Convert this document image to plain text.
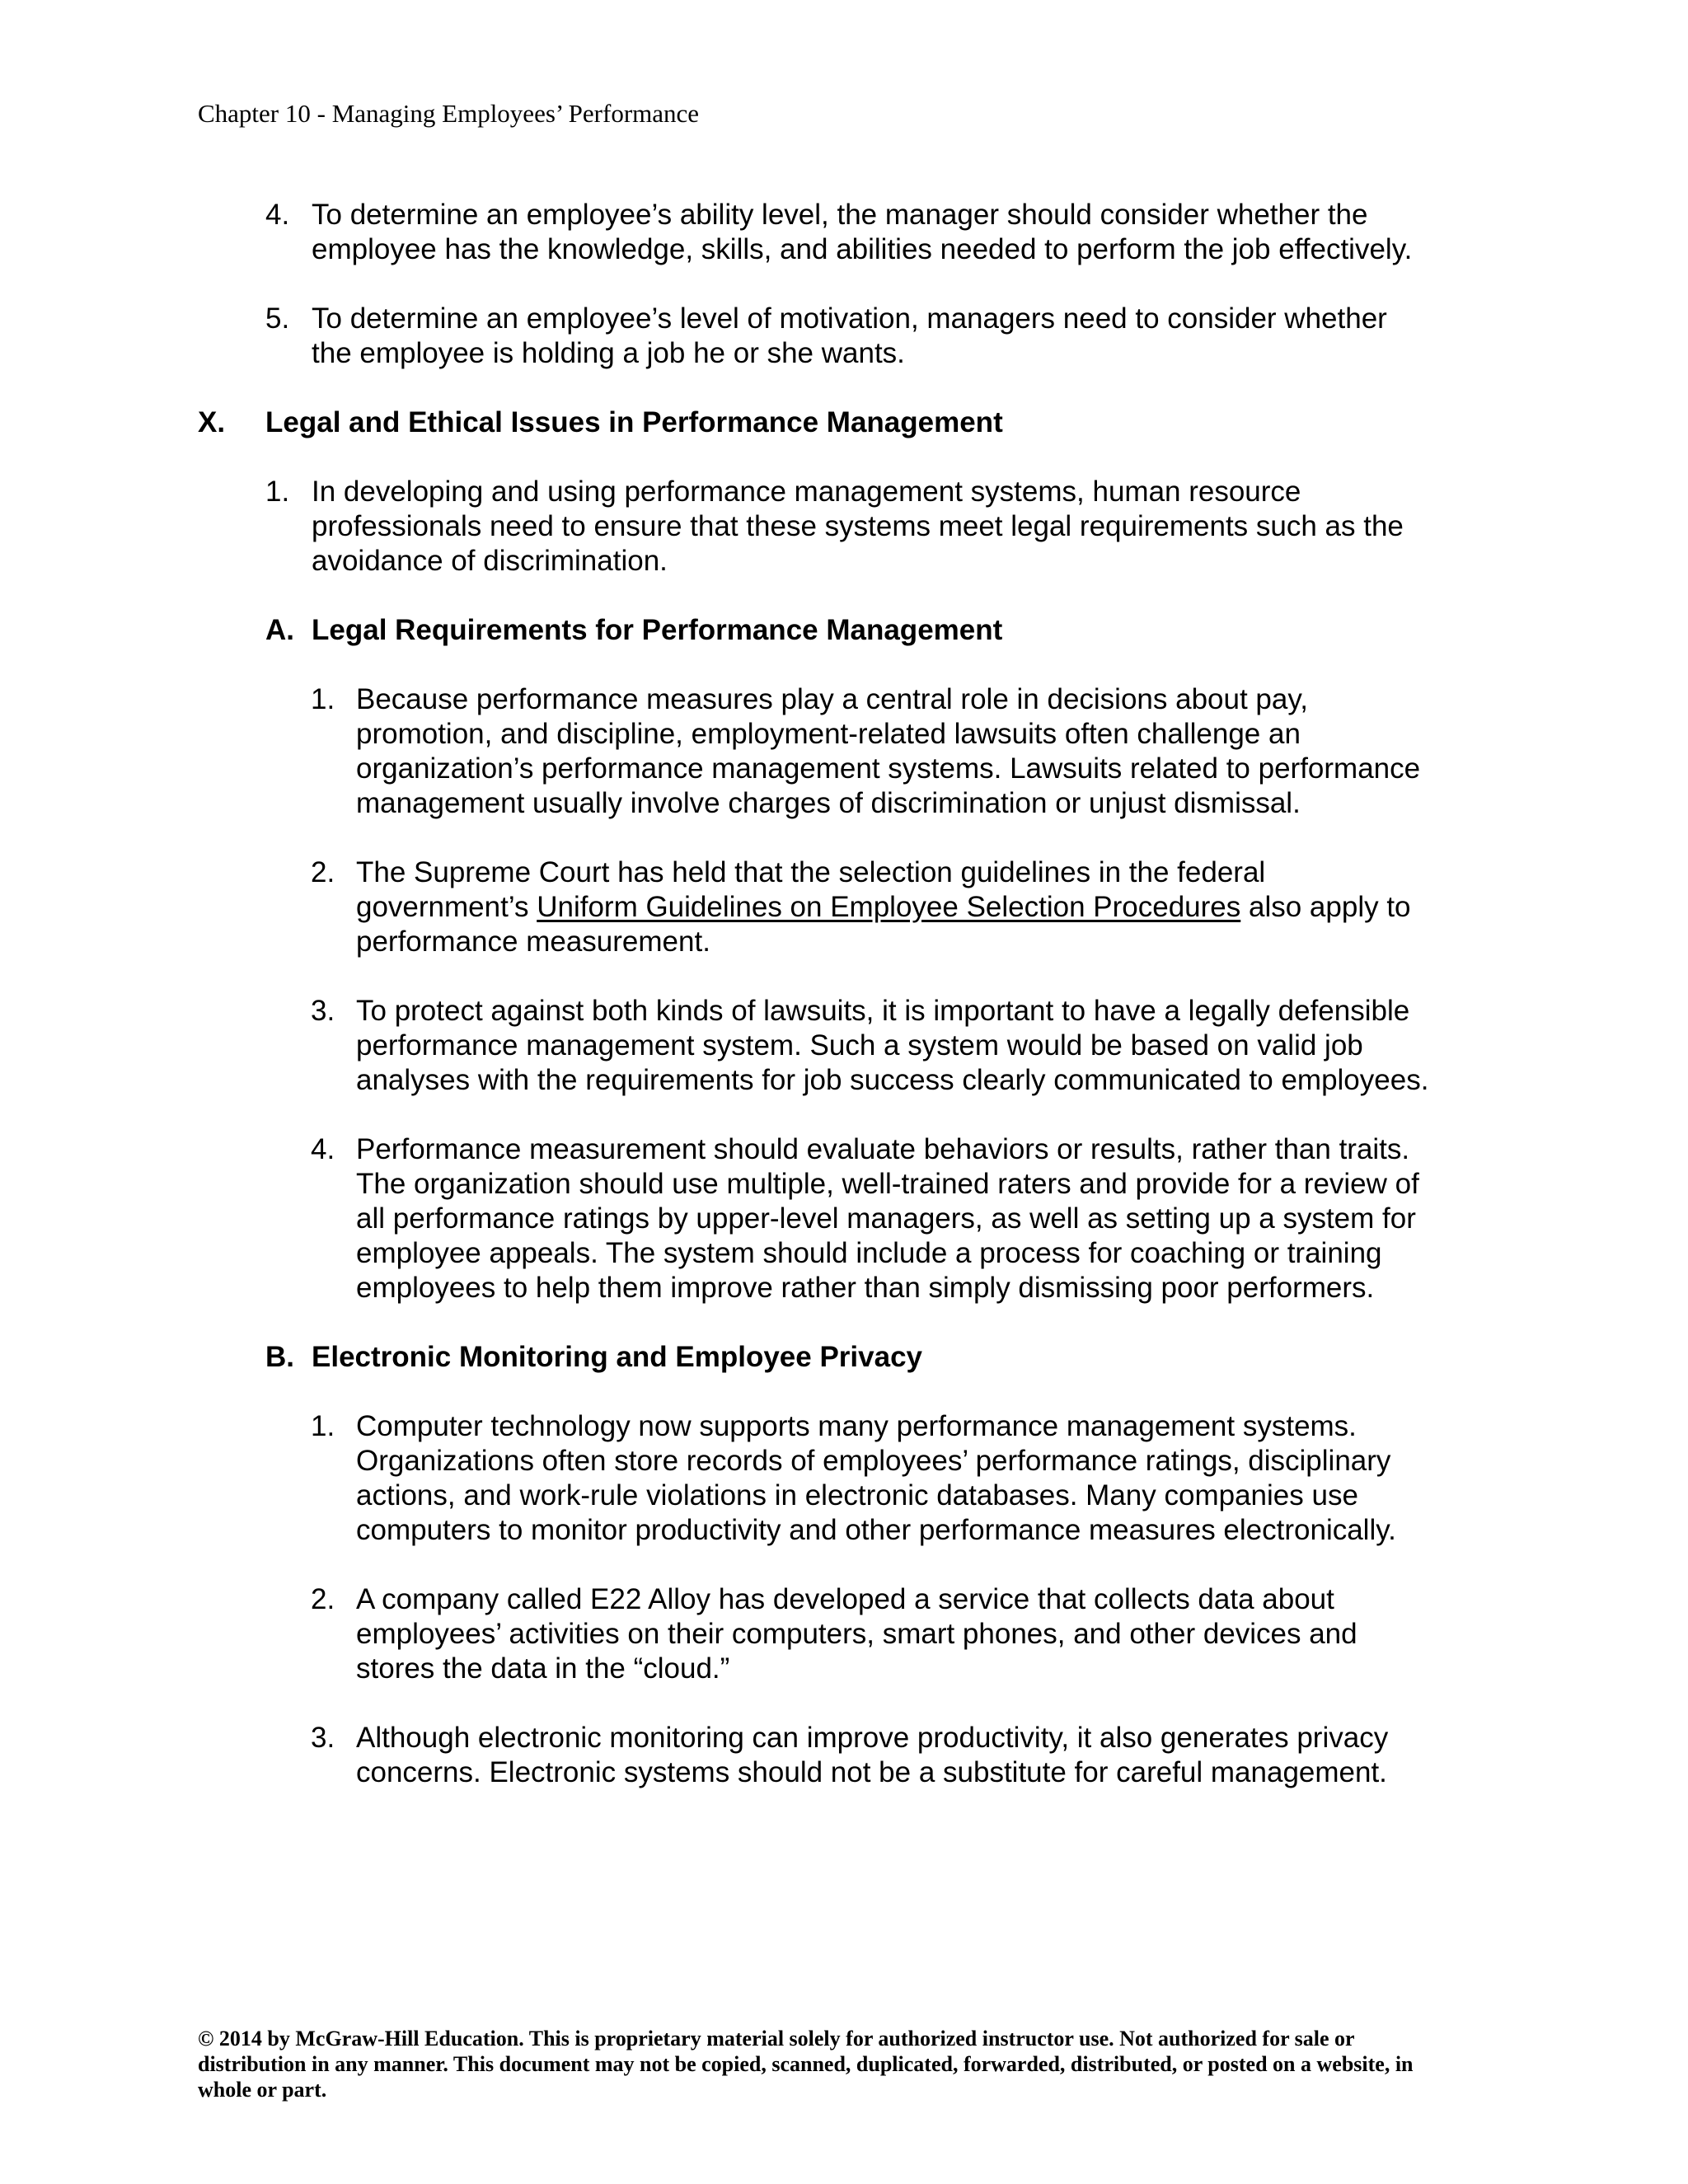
Chapter 10 - Managing Employees’ Performance
4. To determine an employee’s ability level, the manager should consider whether the
employee has the knowledge, skills, and abilities needed to perform the job effectively.
5. To determine an employee’s level of motivation, managers need to consider whether
the employee is holding a job he or she wants.
X. Legal and Ethical Issues in Performance Management
1. In developing and using performance management systems, human resource
professionals need to ensure that these systems meet legal requirements such as the
avoidance of discrimination.
A. Legal Requirements for Performance Management
1. Because performance measures play a central role in decisions about pay,
promotion, and discipline, employment-related lawsuits often challenge an
organization’s performance management systems. Lawsuits related to performance
management usually involve charges of discrimination or unjust dismissal.
2. The Supreme Court has held that the selection guidelines in the federal
government’s Uniform Guidelines on Employee Selection Procedures also apply to
performance measurement.
3. To protect against both kinds of lawsuits, it is important to have a legally defensible
performance management system. Such a system would be based on valid job
analyses with the requirements for job success clearly communicated to employees.
4. Performance measurement should evaluate behaviors or results, rather than traits.
The organization should use multiple, well-trained raters and provide for a review of
all performance ratings by upper-level managers, as well as setting up a system for
employee appeals. The system should include a process for coaching or training
employees to help them improve rather than simply dismissing poor performers.
B. Electronic Monitoring and Employee Privacy
1. Computer technology now supports many performance management systems.
Organizations often store records of employees’ performance ratings, disciplinary
actions, and work-rule violations in electronic databases. Many companies use
computers to monitor productivity and other performance measures electronically.
2. A company called E22 Alloy has developed a service that collects data about
employees’ activities on their computers, smart phones, and other devices and
stores the data in the “cloud.”
3. Although electronic monitoring can improve productivity, it also generates privacy
concerns. Electronic systems should not be a substitute for careful management.
© 2014 by McGraw-Hill Education. This is proprietary material solely for authorized instructor use. Not authorized for sale or
distribution in any manner. This document may not be copied, scanned, duplicated, forwarded, distributed, or posted on a website, in
whole or part.
